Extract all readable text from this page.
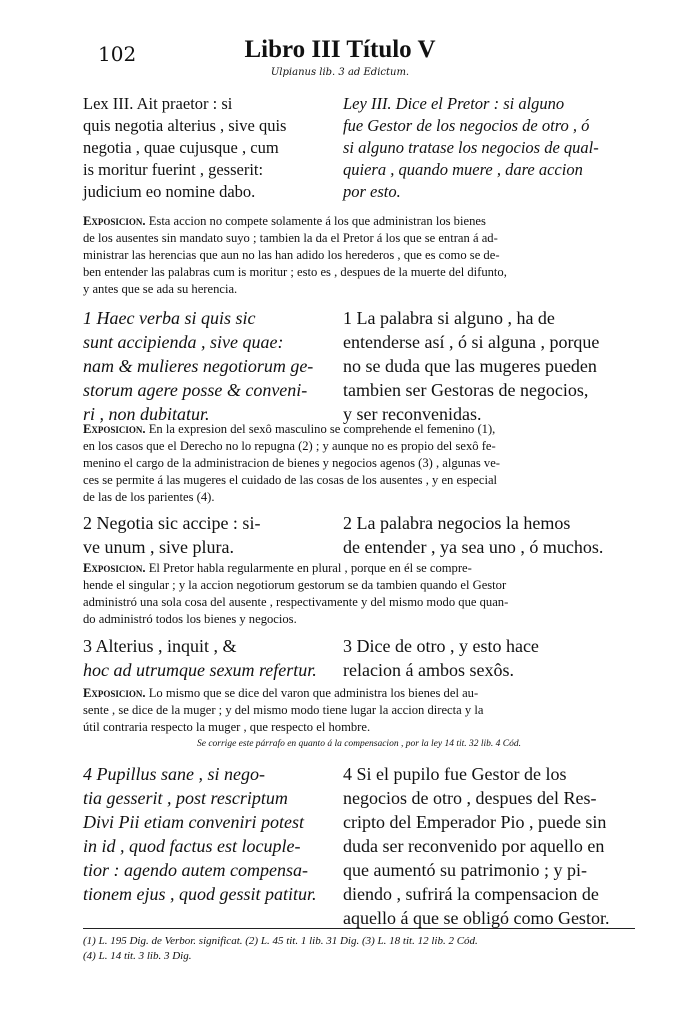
102	Libro III Título V
Ulpianus lib. 3 ad Edictum.
Lex III. Ait praetor : si
quis negotia alterius , sive quis
negotia , quae cujusque , cum
is moritur fuerint , gesserit:
judicium eo nomine dabo.
Ley III. Dice el Pretor : si alguno
fue Gestor de los negocios de otro , ó
si alguno tratase los negocios de qual-
quiera , quando muere , dare accion
por esto.
Exposicion. Esta accion no compete solamente á los que administran los bienes
de los ausentes sin mandato suyo ; tambien la da el Pretor á los que se entran á ad-
ministrar las herencias que aun no las han adido los herederos , que es como se de-
ben entender las palabras cum is moritur ; esto es , despues de la muerte del difunto,
y antes que se ada su herencia.
1 Haec verba si quis sic
sunt accipienda , sive quae:
nam & mulieres negotiorum ge-
storum agere posse & conveni-
ri , non dubitatur.
1 La palabra si alguno , ha de
entenderse así , ó si alguna , porque
no se duda que las mugeres pueden
tambien ser Gestoras de negocios,
y ser reconvenidas.
Exposicion. En la expresion del sexô masculino se comprehende el femenino (1),
en los casos que el Derecho no lo repugna (2) ; y aunque no es propio del sexô fe-
menino el cargo de la administracion de bienes y negocios agenos (3) , algunas ve-
ces se permite á las mugeres el cuidado de las cosas de los ausentes , y en especial
de las de los parientes (4).
2 Negotia sic accipe : si-
ve unum , sive plura.
2 La palabra negocios la hemos
de entender , ya sea uno , ó muchos.
Exposicion. El Pretor habla regularmente en plural , porque en él se compre-
hende el singular ; y la accion negotiorum gestorum se da tambien quando el Gestor
administró una sola cosa del ausente , respectivamente y del mismo modo que quan-
do administró todos los bienes y negocios.
3 Alterius , inquit , &
hoc ad utrumque sexum refertur.
3 Dice de otro , y esto hace
relacion á ambos sexôs.
Exposicion. Lo mismo que se dice del varon que administra los bienes del au-
sente , se dice de la muger ; y del mismo modo tiene lugar la accion directa y la
útil contraria respecto la muger , que respecto el hombre.
Se corrige este párrafo en quanto á la compensacion , por la ley 14 tit. 32 lib. 4 Cód.
4 Pupillus sane , si nego-
tia gesserit , post rescriptum
Divi Pii etiam conveniri potest
in id , quod factus est locuple-
tior : agendo autem compensa-
tionem ejus , quod gessit patitur.
4 Si el pupilo fue Gestor de los
negocios de otro , despues del Res-
cripto del Emperador Pio , puede sin
duda ser reconvenido por aquello en
que aumentó su patrimonio ; y pi-
diendo , sufrirá la compensacion de
aquello á que se obligó como Gestor.
(1) L. 195 Dig. de Verbor. significat. (2) L. 45 tit. 1 lib. 31 Dig. (3) L. 18 tit. 12 lib. 2 Cód.
(4) L. 14 tit. 3 lib. 3 Dig.
